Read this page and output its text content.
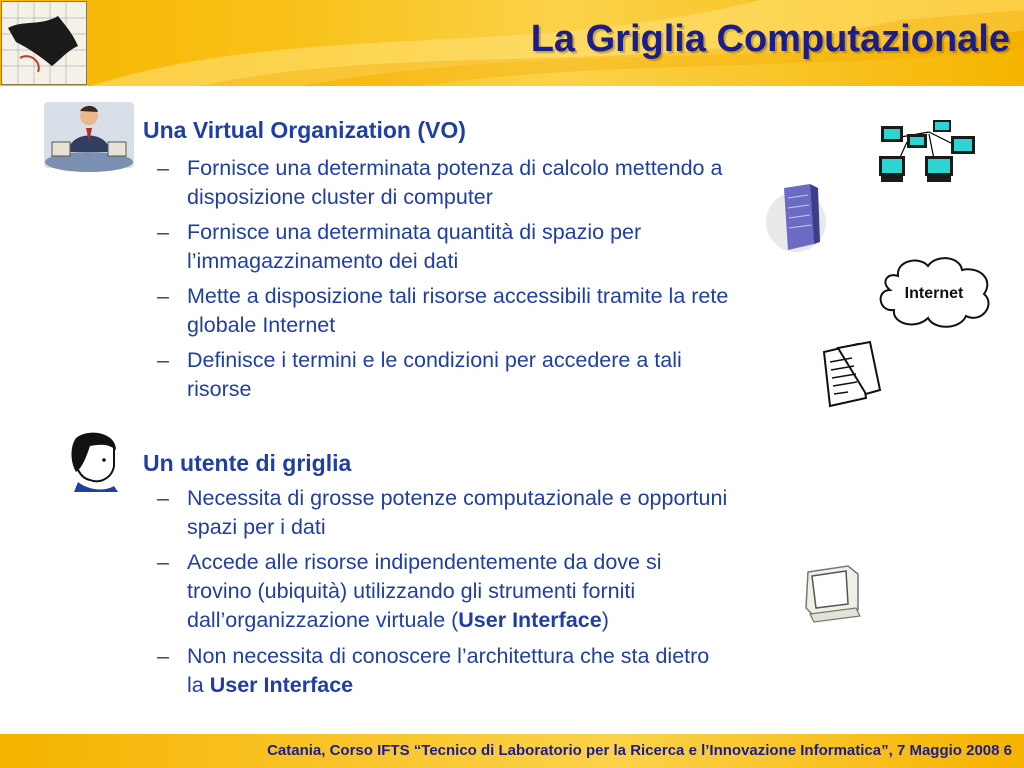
La Griglia Computazionale
Una Virtual Organization (VO)
– Fornisce una determinata potenza di calcolo mettendo a
disposizione cluster di computer
– Fornisce una determinata quantità di spazio per
l’immagazzinamento dei dati
– Mette a disposizione tali risorse accessibili tramite la rete
globale Internet
– Definisce i termini e le condizioni per accedere a tali
risorse
Internet
Un utente di griglia
– Necessita di grosse potenze computazionale e opportuni
spazi per i dati
– Accede alle risorse indipendentemente da dove si
trovino (ubiquità) utilizzando gli strumenti forniti
dall’organizzazione virtuale (User Interface)
– Non necessita di conoscere l’architettura che sta dietro
la User Interface
Catania, Corso IFTS “Tecnico di Laboratorio per la Ricerca e l’Innovazione Informatica”, 7 Maggio 2008 6
